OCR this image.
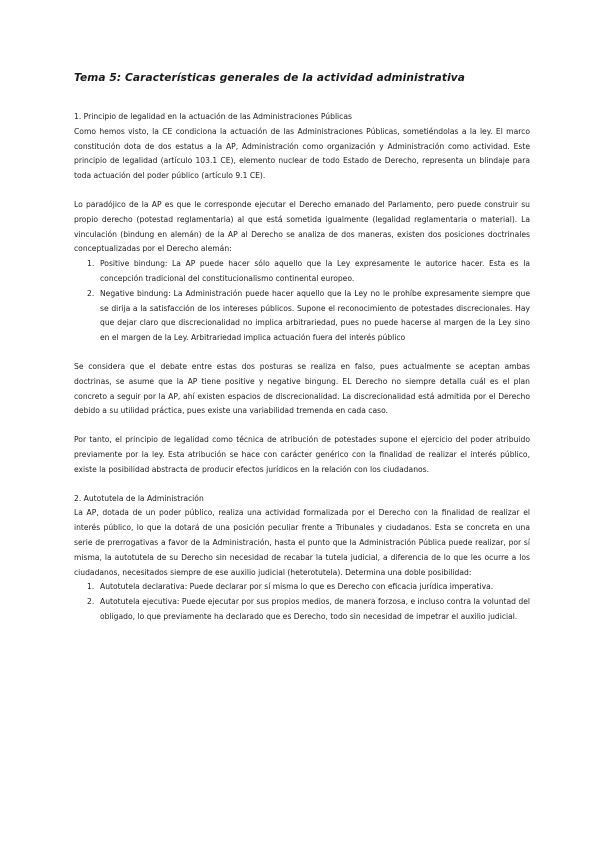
Tema 5: Características generales de la actividad administrativa

1. Principio de legalidad en la actuación de las Administraciones Públicas

Como hemos visto, la CE condiciona la actuación de las Administraciones Públicas, sometiéndolas a la ley. El marco constitución dota de dos estatus a la AP, Administración como organización y Administración como actividad. Este principio de legalidad (artículo 103.1 CE), elemento nuclear de todo Estado de Derecho, representa un blindaje para toda actuación del poder público (artículo 9.1 CE).

Lo paradójico de la AP es que le corresponde ejecutar el Derecho emanado del Parlamento, pero puede construir su propio derecho (potestad reglamentaria) al que está sometida igualmente (legalidad reglamentaria o material). La vinculación (bindung en alemán) de la AP al Derecho se analiza de dos maneras, existen dos posiciones doctrinales conceptualizadas por el Derecho alemán:

1. Positive bindung: La AP puede hacer sólo aquello que la Ley expresamente le autorice hacer. Esta es la concepción tradicional del constitucionalismo continental europeo.
2. Negative bindung: La Administración puede hacer aquello que la Ley no le prohíbe expresamente siempre que se dirija a la satisfacción de los intereses públicos. Supone el reconocimiento de potestades discrecionales. Hay que dejar claro que discrecionalidad no implica arbitrariedad, pues no puede hacerse al margen de la Ley sino en el margen de la Ley. Arbitrariedad implica actuación fuera del interés público

Se considera que el debate entre estas dos posturas se realiza en falso, pues actualmente se aceptan ambas doctrinas, se asume que la AP tiene positive y negative bingung. EL Derecho no siempre detalla cuál es el plan concreto a seguir por la AP, ahí existen espacios de discrecionalidad. La discrecionalidad está admitida por el Derecho debido a su utilidad práctica, pues existe una variabilidad tremenda en cada caso.

Por tanto, el principio de legalidad como técnica de atribución de potestades supone el ejercicio del poder atribuido previamente por la ley. Esta atribución se hace con carácter genérico con la finalidad de realizar el interés público, existe la posibilidad abstracta de producir efectos jurídicos en la relación con los ciudadanos.

2. Autotutela de la Administración

La AP, dotada de un poder público, realiza una actividad formalizada por el Derecho con la finalidad de realizar el interés público, lo que la dotará de una posición peculiar frente a Tribunales y ciudadanos. Esta se concreta en una serie de prerrogativas a favor de la Administración, hasta el punto que la Administración Pública puede realizar, por sí misma, la autotutela de su Derecho sin necesidad de recabar la tutela judicial, a diferencia de lo que les ocurre a los ciudadanos, necesitados siempre de ese auxilio judicial (heterotutela). Determina una doble posibilidad:

1. Autotutela declarativa: Puede declarar por sí misma lo que es Derecho con eficacia jurídica imperativa.
2. Autotutela ejecutiva: Puede ejecutar por sus propios medios, de manera forzosa, e incluso contra la voluntad del obligado, lo que previamente ha declarado que es Derecho, todo sin necesidad de impetrar el auxilio judicial.
